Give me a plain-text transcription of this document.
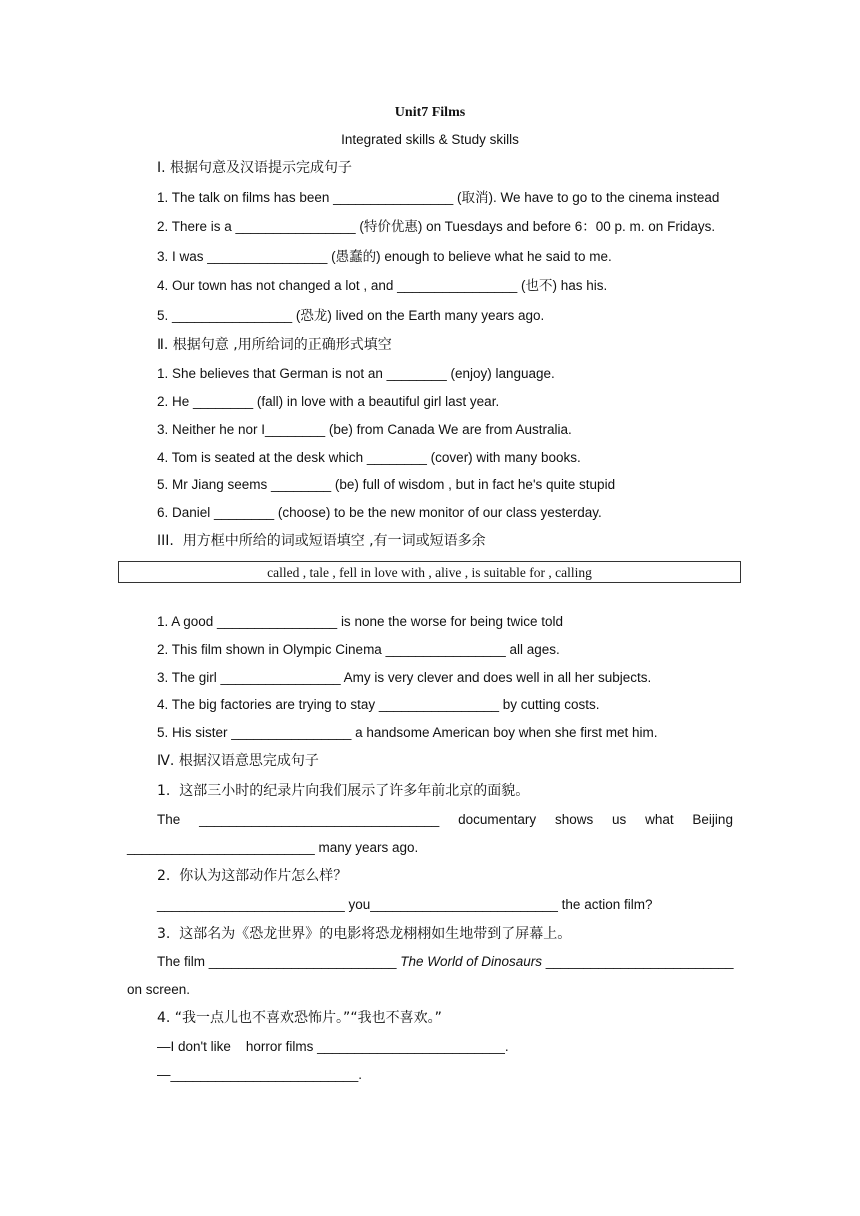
Unit7 Films
Integrated skills & Study skills
Ⅰ. 根据句意及汉语提示完成句子
1. The talk on films has been ________________ (取消). We have to go to the cinema instead
2. There is a ________________ (特价优惠) on Tuesdays and before 6：00 p. m. on Fridays.
3. I was ________________ (愚蠢的) enough to believe what he said to me.
4. Our town has not changed a lot , and ________________ (也不) has his.
5. ________________ (恐龙) lived on the Earth many years ago.
Ⅱ. 根据句意 ,用所给词的正确形式填空
1. She believes that German is not an ________ (enjoy) language.
2. He ________ (fall) in love with a beautiful girl last year.
3. Neither he nor I________ (be) from Canada We are from Australia.
4. Tom is seated at the desk which ________ (cover) with many books.
5. Mr Jiang seems ________ (be) full of wisdom , but in fact he's quite stupid
6. Daniel ________ (choose) to be the new monitor of our class yesterday.
III.  用方框中所给的词或短语填空 ,有一词或短语多余
called , tale , fell in love with , alive , is suitable for , calling
1. A good ________________ is none the worse for being twice told
2. This film shown in Olympic Cinema ________________ all ages.
3. The girl ________________ Amy is very clever and does well in all her subjects.
4. The big factories are trying to stay ________________ by cutting costs.
5. His sister ________________ a handsome American boy when she first met him.
Ⅳ. 根据汉语意思完成句子
1.  这部三小时的纪录片向我们展示了许多年前北京的面貌。
The ________________________________ documentary shows us what Beijing
_________________________ many years ago.
2.  你认为这部动作片怎么样？
_________________________ you_________________________ the action film?
3.  这部名为《恐龙世界》的电影将恐龙栩栩如生地带到了屏幕上。
The film _________________________ The World of Dinosaurs _________________________
on screen.
4. “我一点儿也不喜欢恐怖片。”“我也不喜欢。”
—I don't like    horror films _________________________.
—_________________________.
